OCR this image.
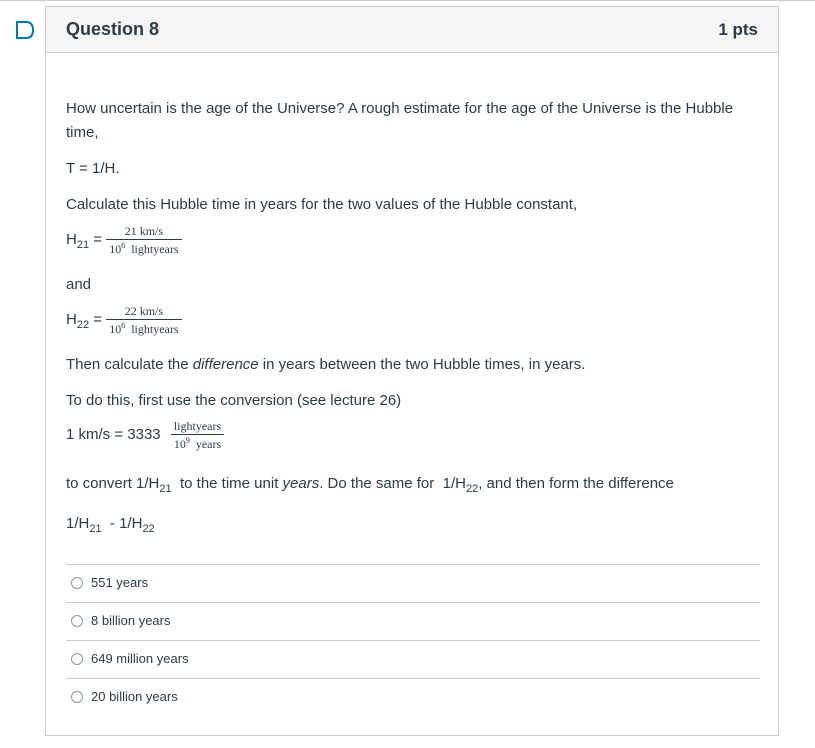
Question 8	1 pts

How uncertain is the age of the Universe? A rough estimate for the age of the Universe is the Hubble time,

T = 1/H.

Calculate this Hubble time in years for the two values of the Hubble constant,

$H_{21} = \frac{21 km/s}{10^6 lightyears}$

and

$H_{22} = \frac{22 km/s}{10^6 lightyears}$

Then calculate the difference in years between the two Hubble times, in years.

To do this, first use the conversion (see lecture 26)

1 $km/s = 3333 \frac{\text{lightyears}}{10^9 years}$

to convert $1/H_{21}$  to the time unit years. Do the same for  $1/H_{22}$, and then form the difference

$1/H_{21} - 1/H_{22}$

551 years
8 billion years
649 million years
20 billion years
